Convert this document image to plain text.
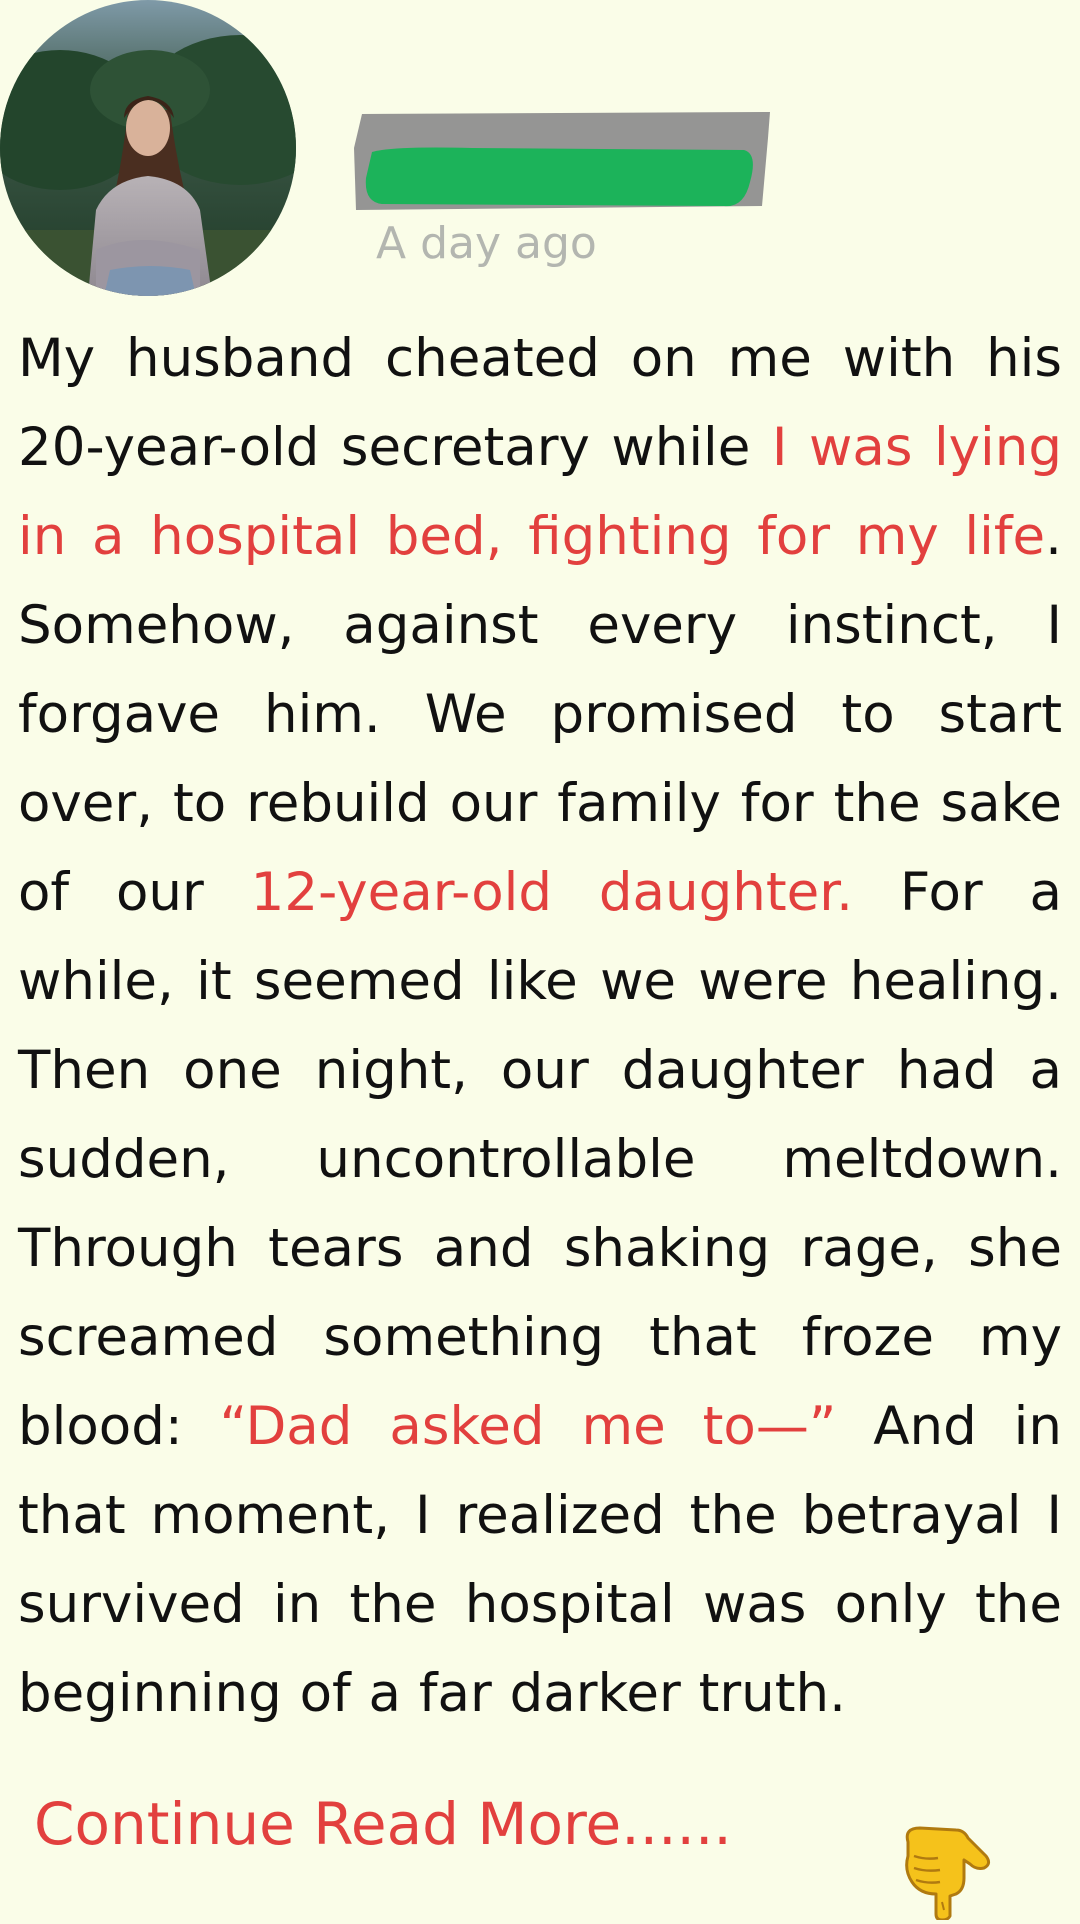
A day ago

My husband cheated on me with his 20-year-old secretary while I was lying in a hospital bed, fighting for my life. Somehow, against every instinct, I forgave him. We promised to start over, to rebuild our family for the sake of our 12-year-old daughter. For a while, it seemed like we were healing. Then one night, our daughter had a sudden, uncontrollable meltdown. Through tears and shaking rage, she screamed something that froze my blood: “Dad asked me to—” And in that moment, I realized the betrayal I survived in the hospital was only the beginning of a far darker truth.

Continue Read More......
